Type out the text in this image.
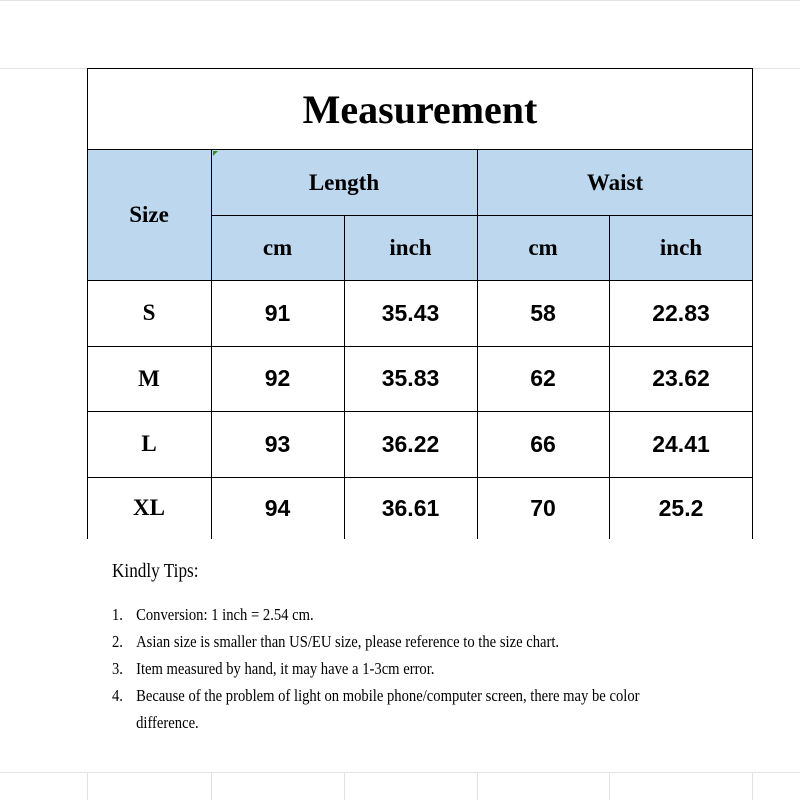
Measurement
Size
Length	Waist
cm	inch	cm	inch
S	91	35.43	58	22.83
M	92	35.83	62	23.62
L	93	36.22	66	24.41
XL	94	36.61	70	25.2

Kindly Tips:

1. Conversion: 1 inch = 2.54 cm.
2. Asian size is smaller than US/EU size, please reference to the size chart.
3. Item measured by hand, it may have a 1-3cm error.
4. Because of the problem of light on mobile phone/computer screen, there may be color difference.
